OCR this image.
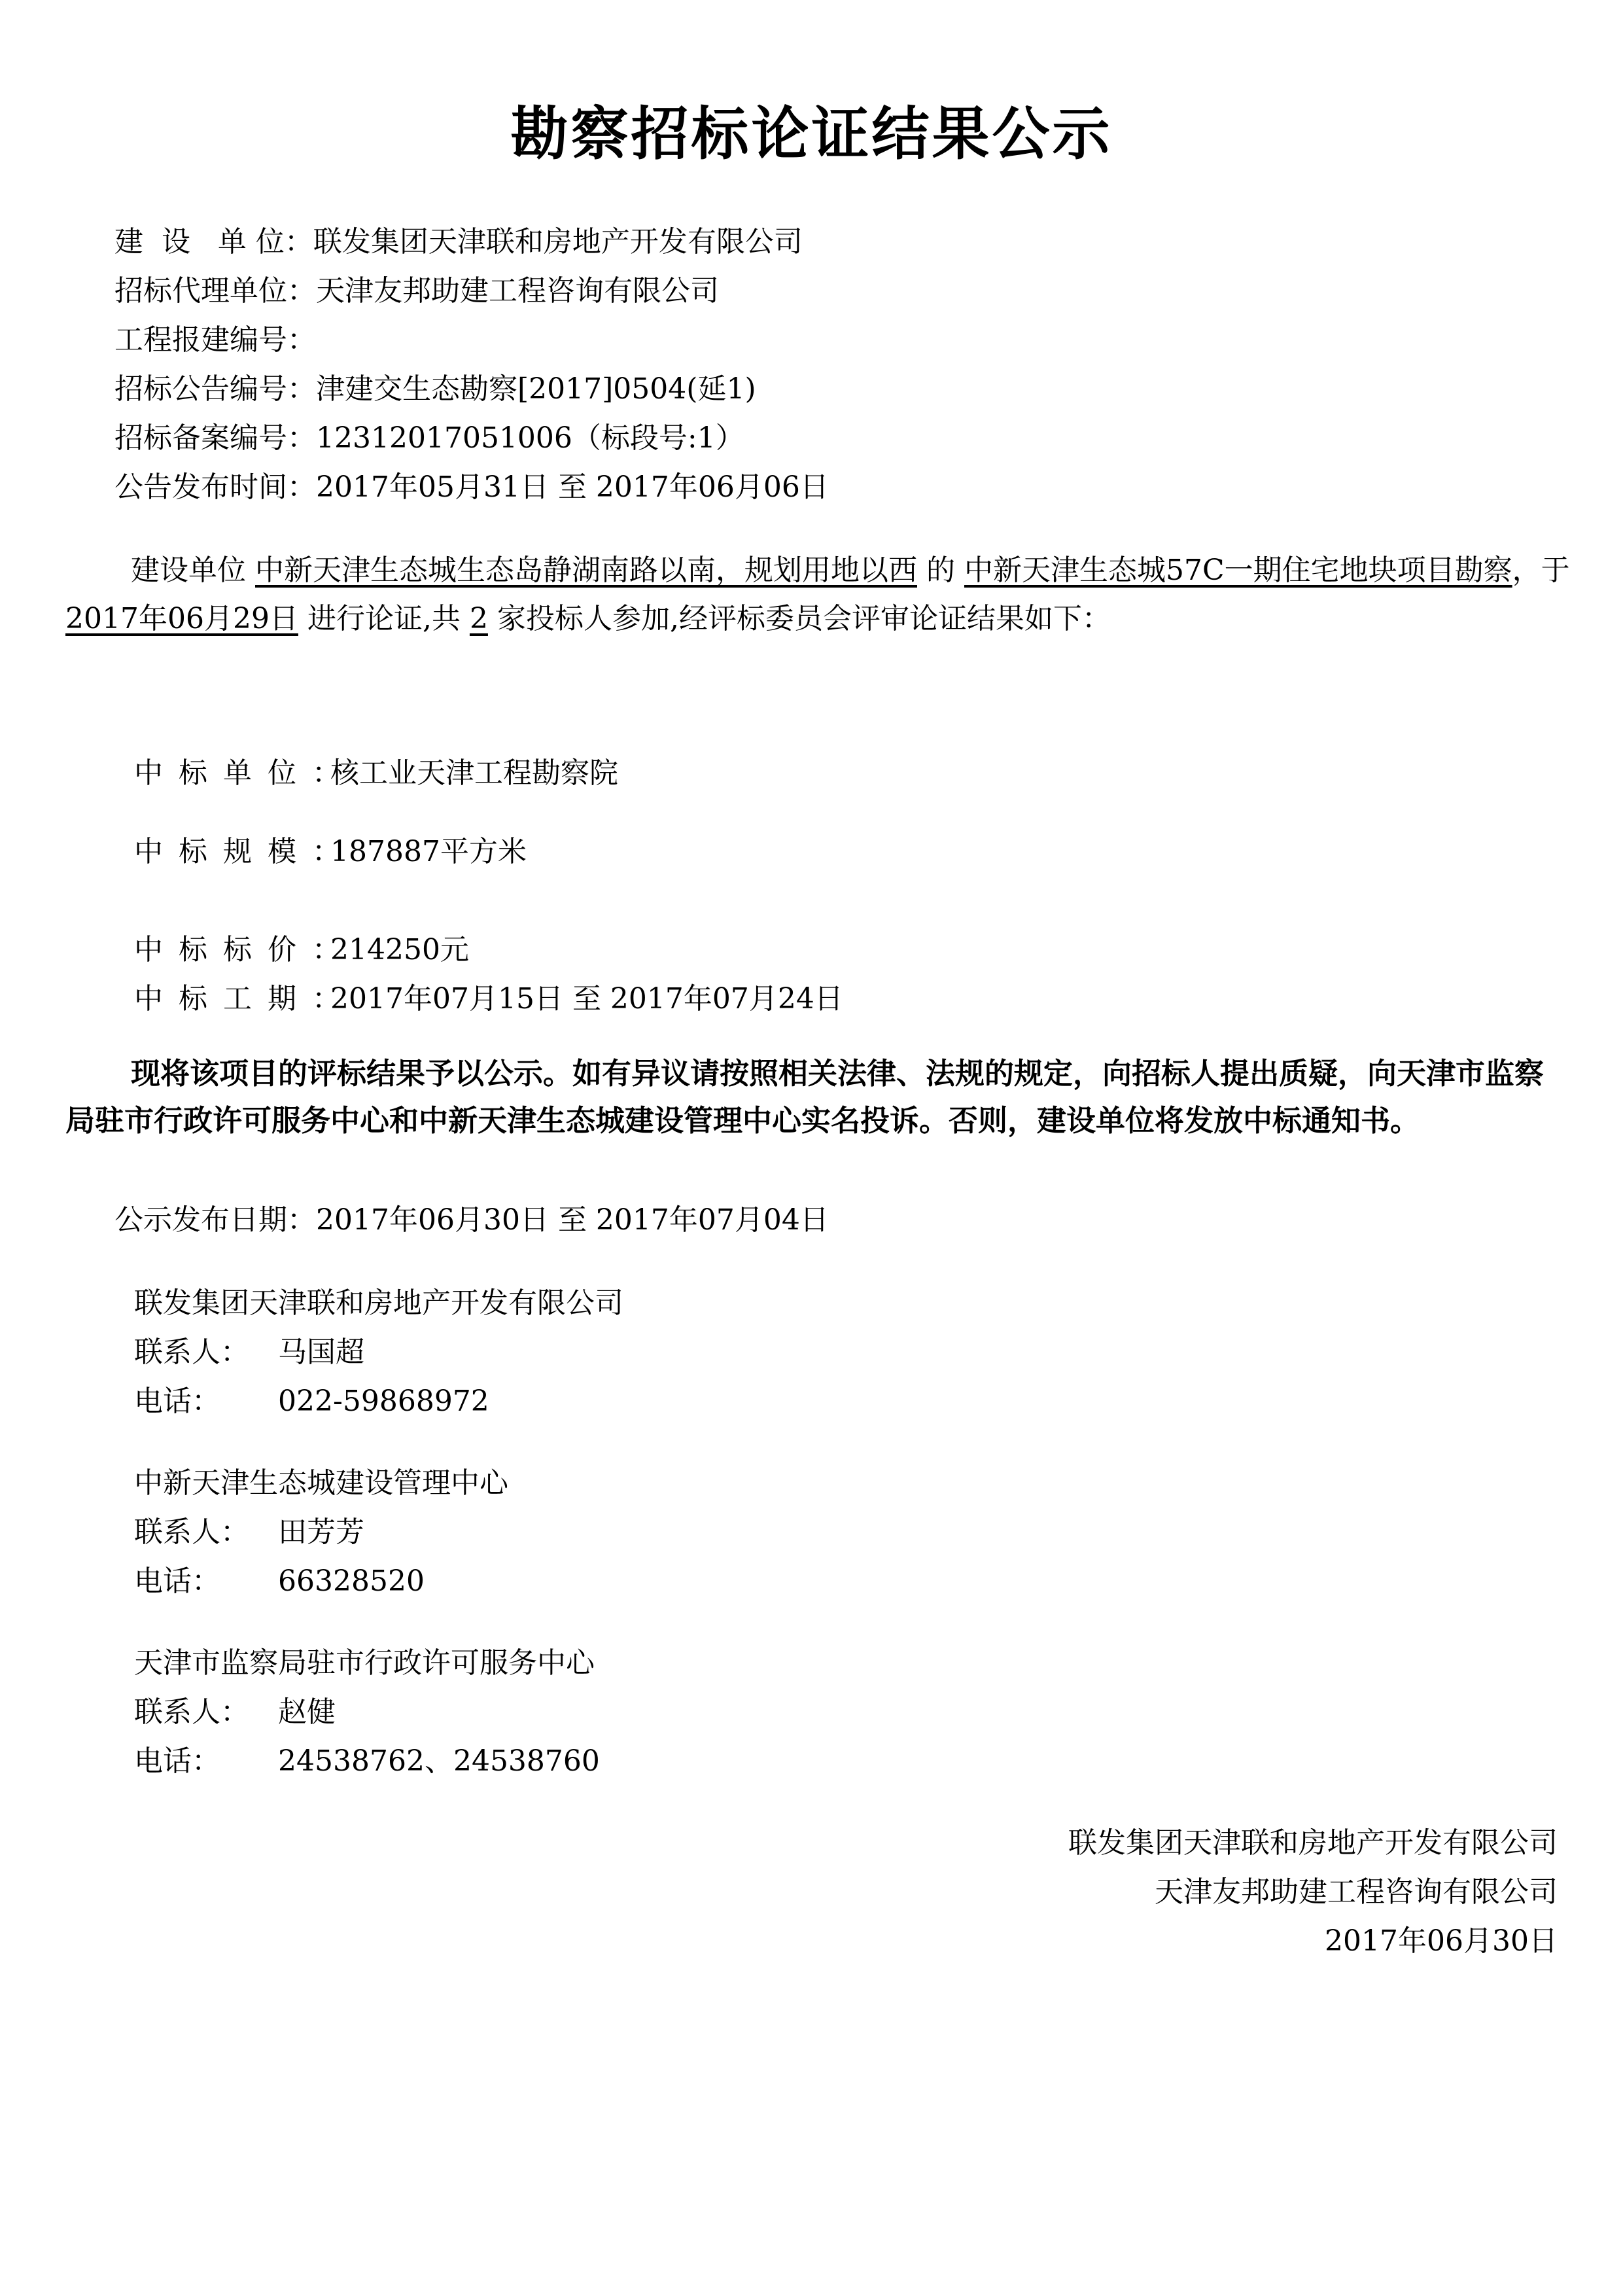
勘察招标论证结果公示
建  设   单 位：联发集团天津联和房地产开发有限公司
招标代理单位：天津友邦助建工程咨询有限公司
工程报建编号：
招标公告编号：津建交生态勘察[2017]0504(延1)
招标备案编号：12312017051006（标段号:1）
公告发布时间：2017年05月31日 至 2017年06月06日
建设单位 中新天津生态城生态岛静湖南路以南，规划用地以西 的 中新天津生态城57C一期住宅地块项目勘察，于 2017年06月29日 进行论证,共 2 家投标人参加,经评标委员会评审论证结果如下：
中标单位：核工业天津工程勘察院
中标规模：187887平方米
中标标价：214250元
中标工期：2017年07月15日 至 2017年07月24日
现将该项目的评标结果予以公示。如有异议请按照相关法律、法规的规定，向招标人提出质疑，向天津市监察局驻市行政许可服务中心和中新天津生态城建设管理中心实名投诉。否则，建设单位将发放中标通知书。
公示发布日期：2017年06月30日 至 2017年07月04日
联发集团天津联和房地产开发有限公司
联系人： 马国超
电话： 022-59868972
中新天津生态城建设管理中心
联系人： 田芳芳
电话： 66328520
天津市监察局驻市行政许可服务中心
联系人： 赵健
电话： 24538762、24538760
联发集团天津联和房地产开发有限公司
天津友邦助建工程咨询有限公司
2017年06月30日
